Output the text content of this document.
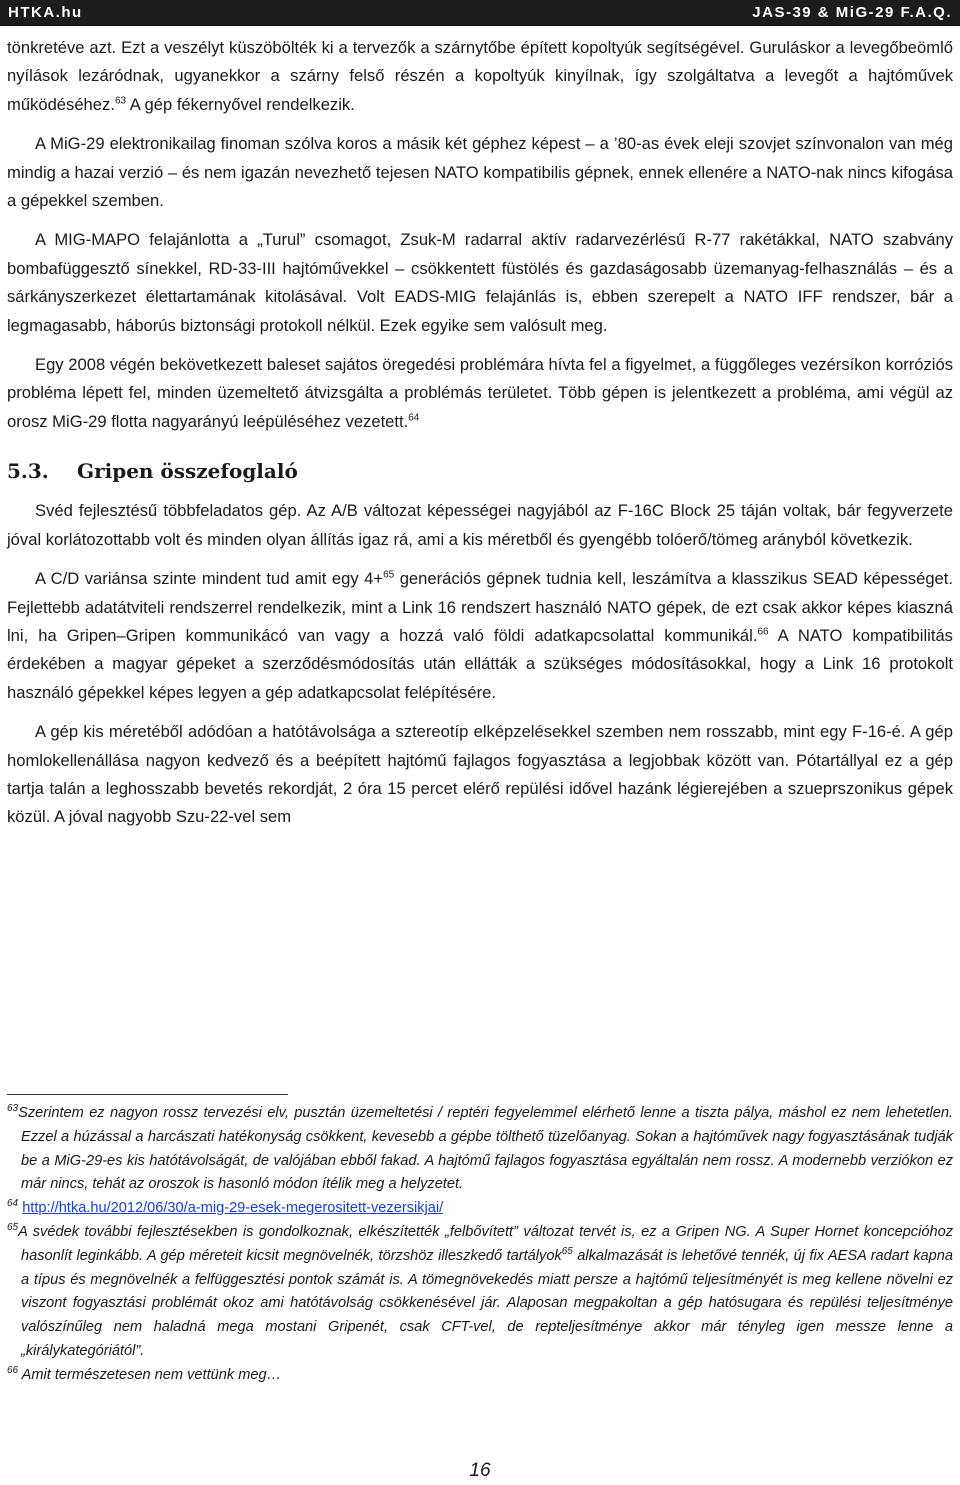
HTKA.hu	JAS-39 & MiG-29 F.A.Q.

tönkretéve azt. Ezt a veszélyt küszöbölték ki a tervezők a szárnytőbe épített kopoltyúk segítségével. Guruláskor a levegőbeömlő nyílások lezáródnak, ugyanekkor a szárny felső részén a kopoltyúk kinyílnak, így szolgáltatva a levegőt a hajtóművek működéséhez.$^{63}$ A gép fékernyővel rendelkezik.

A MiG-29 elektronikailag finoman szólva koros a másik két géphez képest – a ’80-as évek eleji szovjet színvonalon van még mindig a hazai verzió – és nem igazán nevezhető tejesen NATO kompatibilis gépnek, ennek ellenére a NATO-nak nincs kifogása a gépekkel szemben.

A MIG-MAPO felajánlotta a „Turul” csomagot, Zsuk-M radarral aktív radarvezérlésű R-77 rakétákkal, NATO szabvány bombafüggesztő sínekkel, RD-33-III hajtóművekkel – csökkentett füstölés és gazdaságosabb üzemanyag-felhasználás – és a sárkányszerkezet élettartamának kitolásával. Volt EADS-MIG felajánlás is, ebben szerepelt a NATO IFF rendszer, bár a legmagasabb, háborús biztonsági protokoll nélkül. Ezek egyike sem valósult meg.

Egy 2008 végén bekövetkezett baleset sajátos öregedési problémára hívta fel a figyelmet, a függőleges vezérsíkon korróziós probléma lépett fel, minden üzemeltető átvizsgálta a problémás területet. Több gépen is jelentkezett a probléma, ami végül az orosz MiG-29 flotta nagyarányú leépüléséhez vezetett.$^{64}$

5.3. Gripen összefoglaló

Svéd fejlesztésű többfeladatos gép. Az A/B változat képességei nagyjából az F-16C Block 25 táján voltak, bár fegyverzete jóval korlátozottabb volt és minden olyan állítás igaz rá, ami a kis méretből és gyengébb tolóerő/tömeg arányból következik.

A C/D variánsa szinte mindent tud amit egy 4+$^{65}$ generációs gépnek tudnia kell, leszámítva a klasszikus SEAD képességet. Fejlettebb adatátviteli rendszerrel rendelkezik, mint a Link 16 rendszert használó NATO gépek, de ezt csak akkor képes kiaszná lni, ha Gripen–Gripen kommunikácó van vagy a hozzá való földi adatkapcsolattal kommunikál.$^{66}$ A NATO kompatibilitás érdekében a magyar gépeket a szerződésmódosítás után ellátták a szükséges módosításokkal, hogy a Link 16 protokolt használó gépekkel képes legyen a gép adatkapcsolat felépítésére.

A gép kis méretéből adódóan a hatótávolsága a sztereotíp elképzelésekkel szemben nem rosszabb, mint egy F-16-é. A gép homlokellenállása nagyon kedvező és a beépített hajtómű fajlagos fogyasztása a legjobbak között van. Pótartállyal ez a gép tartja talán a leghosszabb bevetés rekordját, 2 óra 15 percet elérő repülési idővel hazánk légierejében a szueprszonikus gépek közül. A jóval nagyobb Szu-22-vel sem

$^{63}$Szerintem ez nagyon rossz tervezési elv, pusztán üzemeltetési / reptéri fegyelemmel elérhető lenne a tiszta pálya, máshol ez nem lehetetlen. Ezzel a húzással a harcászati hatékonyság csökkent, kevesebb a gépbe tölthető tüzelőanyag. Sokan a hajtóművek nagy fogyasztásának tudják be a MiG-29-es kis hatótávolságát, de valójában ebből fakad. A hajtómű fajlagos fogyasztása egyáltalán nem rossz. A modernebb verziókon ez már nincs, tehát az oroszok is hasonló módon ítélik meg a helyzetet.

$^{64}$ http://htka.hu/2012/06/30/a-mig-29-esek-megerositett-vezersikjai/

$^{65}$A svédek további fejlesztésekben is gondolkoznak, elkészítették „felbővített” változat tervét is, ez a Gripen NG. A Super Hornet koncepcióhoz hasonlít leginkább. A gép méreteit kicsit megnövelnék, törzshöz illeszkedő tartályok$^{65}$ alkalmazását is lehetővé tennék, új fix AESA radart kapna a típus és megnövelnék a felfüggesztési pontok számát is. A tömegnövekedés miatt persze a hajtómű teljesítményét is meg kellene növelni ez viszont fogyasztási problémát okoz ami hatótávolság csökkenésével jár. Alaposan megpakoltan a gép hatósugara és repülési teljesítménye valószínűleg nem haladná mega mostani Gripenét, csak CFT-vel, de repteljesítménye akkor már tényleg igen messze lenne a „királykategóriától”.

$^{66}$ Amit természetesen nem vettünk meg…

16
